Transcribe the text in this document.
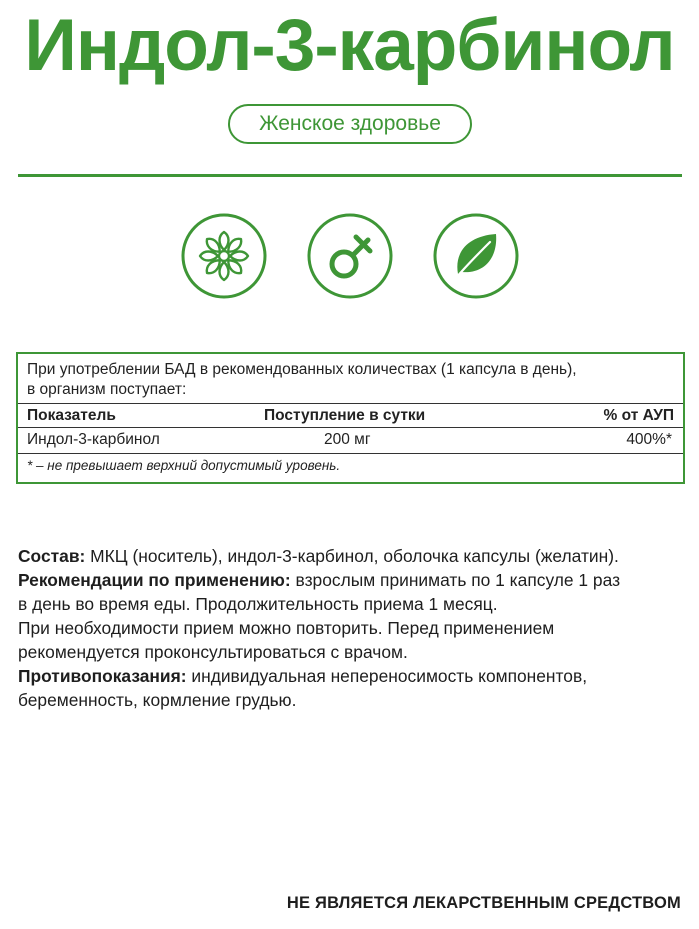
Индол-3-карбинол
Женское здоровье
При употреблении БАД в рекомендованных количествах (1 капсула в день),
в организм поступает:
Показатель	Поступление в сутки	% от АУП
Индол-3-карбинол	200 мг	400%*
* – не превышает верхний допустимый уровень.

Состав: МКЦ (носитель), индол-3-карбинол, оболочка капсулы (желатин).

Рекомендации по применению: взрослым принимать по 1 капсуле 1 раз

в день во время еды. Продолжительность приема 1 месяц.

При необходимости прием можно повторить. Перед применением

рекомендуется проконсультироваться с врачом.

Противопоказания: индивидуальная непереносимость компонентов,

беременность, кормление грудью.

НЕ ЯВЛЯЕТСЯ ЛЕКАРСТВЕННЫМ СРЕДСТВОМ
